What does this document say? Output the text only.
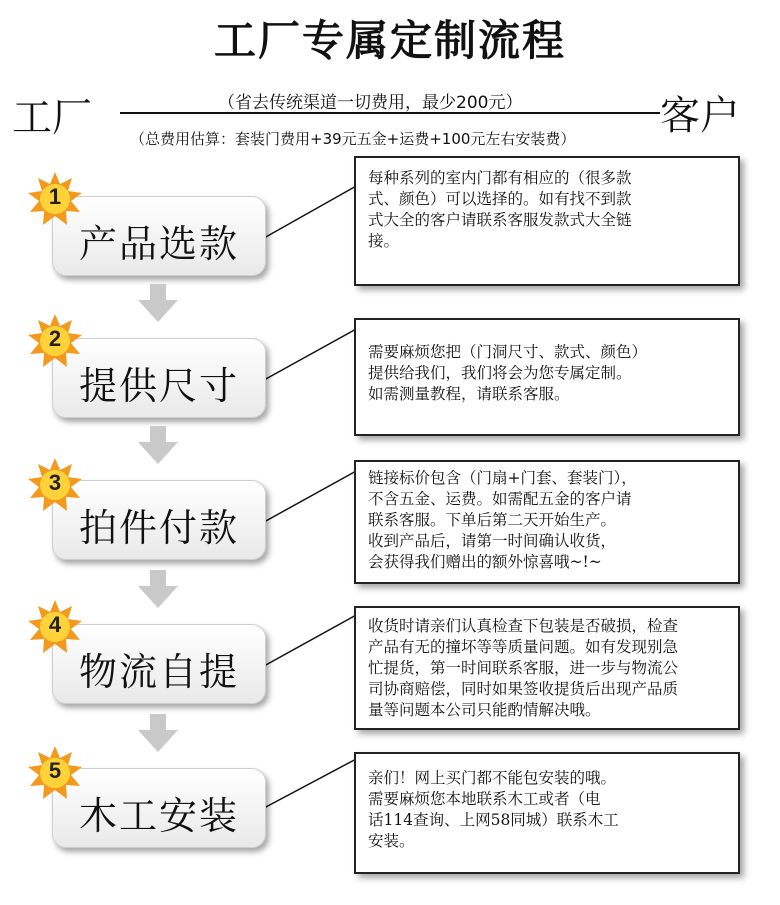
工厂专属定制流程
工厂	客户
（省去传统渠道一切费用，最少200元）
（总费用估算：套装门费用+39元五金+运费+100元左右安装费）
产品选款
1

每种系列的室内门都有相应的（很多款

式、颜色）可以选择的。如有找不到款

式大全的客户请联系客服发款式大全链

接。

提供尺寸
2

需要麻烦您把（门洞尺寸、款式、颜色）

提供给我们，我们将会为您专属定制。

如需测量教程，请联系客服。

拍件付款
3	链接标价包含（门扇+门套、套装门），

不含五金、运费。如需配五金的客户请

联系客服。下单后第二天开始生产。

收到产品后，请第一时间确认收货，

会获得我们赠出的额外惊喜哦~!~

物流自提
4	收货时请亲们认真检查下包装是否破损，检查

产品有无的撞坏等等质量问题。如有发现别急

忙提货，第一时间联系客服，进一步与物流公

司协商赔偿，同时如果签收提货后出现产品质

量等问题本公司只能酌情解决哦。

木工安装
5	亲们！网上买门都不能包安装的哦。

需要麻烦您本地联系木工或者（电

话114查询、上网58同城）联系木工

安装。
